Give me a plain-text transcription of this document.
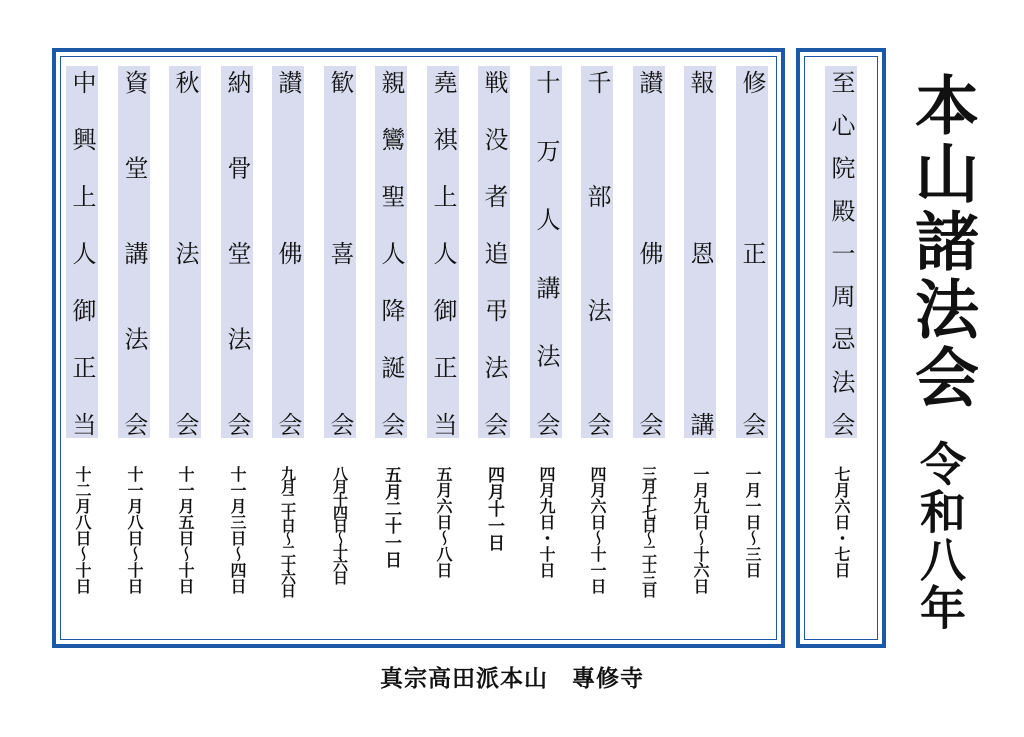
修正会
一月一日〜三日
報恩講
一月九日〜十六日
讃佛会
三月十七日〜二十三日
千部法会
四月六日〜十一日
十万人講法会
四月九日・十日
戦没者追弔法会
四月十一日
堯祺上人御正当
五月六日〜八日
親鸞聖人降誕会
五月二十一日
歓喜会
八月十四日〜十六日
讃佛会
九月二十日〜二十六日
納骨堂法会
十一月三日〜四日
秋法会
十一月五日〜十日
資堂講法会
十一月八日〜十日
中興上人御正当
十二月八日〜十日
至心院殿一周忌法会
七月六日・七日
本山諸法会
令和八年
真宗高田派本山　專修寺
